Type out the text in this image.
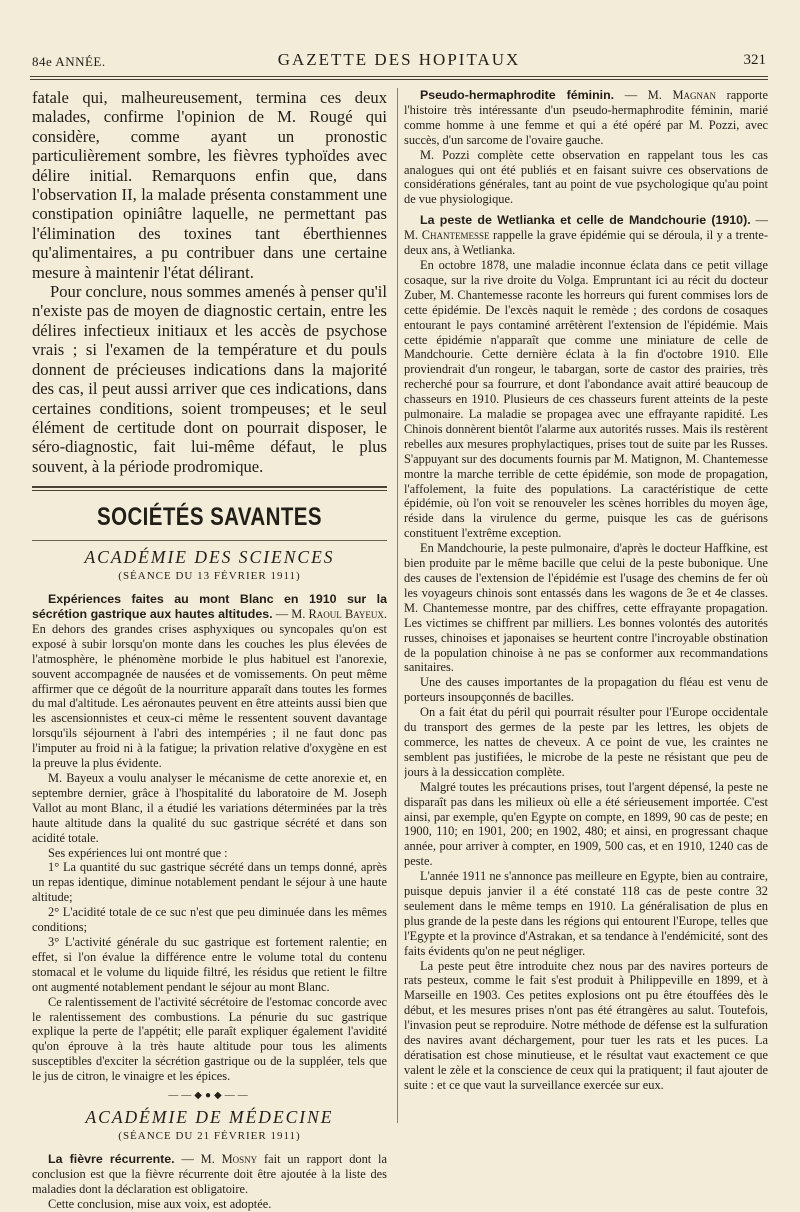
84e ANNÉE.	GAZETTE DES HOPITAUX	321

fatale qui, malheureusement, termina ces deux malades, confirme l'opinion de M. Rougé qui considère, comme ayant un pronostic particulièrement sombre, les fièvres typhoïdes avec délire initial. Remarquons enfin que, dans l'observation II, la malade présenta constamment une constipation opiniâtre laquelle, ne permettant pas l'élimination des toxines tant éberthiennes qu'alimentaires, a pu contribuer dans une certaine mesure à maintenir l'état délirant.

Pour conclure, nous sommes amenés à penser qu'il n'existe pas de moyen de diagnostic certain, entre les délires infectieux initiaux et les accès de psychose vrais ; si l'examen de la température et du pouls donnent de précieuses indications dans la majorité des cas, il peut aussi arriver que ces indications, dans certaines conditions, soient trompeuses; et le seul élément de certitude dont on pourrait disposer, le séro-diagnostic, fait lui-même défaut, le plus souvent, à la période prodromique.

SOCIÉTÉS SAVANTES
ACADÉMIE DES SCIENCES
(SÉANCE DU 13 FÉVRIER 1911)

Expériences faites au mont Blanc en 1910 sur la sécrétion gastrique aux hautes altitudes. — M. Raoul Bayeux. En dehors des grandes crises asphyxiques ou syncopales qu'on est exposé à subir lorsqu'on monte dans les couches les plus élevées de l'atmosphère, le phénomène morbide le plus habituel est l'anorexie, souvent accompagnée de nausées et de vomissements. On peut même affirmer que ce dégoût de la nourriture apparaît dans toutes les formes du mal d'altitude. Les aéronautes peuvent en être atteints aussi bien que les ascensionnistes et ceux-ci même le ressentent souvent davantage lorsqu'ils séjournent à l'abri des intempéries ; il ne faut donc pas l'imputer au froid ni à la fatigue; la privation relative d'oxygène en est la preuve la plus évidente.

M. Bayeux a voulu analyser le mécanisme de cette anorexie et, en septembre dernier, grâce à l'hospitalité du laboratoire de M. Joseph Vallot au mont Blanc, il a étudié les variations déterminées par la très haute altitude dans la qualité du suc gastrique sécrété et dans son acidité totale.

Ses expériences lui ont montré que :

1° La quantité du suc gastrique sécrété dans un temps donné, après un repas identique, diminue notablement pendant le séjour à une haute altitude;

2° L'acidité totale de ce suc n'est que peu diminuée dans les mêmes conditions;

3° L'activité générale du suc gastrique est fortement ralentie; en effet, si l'on évalue la différence entre le volume total du contenu stomacal et le volume du liquide filtré, les résidus que retient le filtre ont augmenté notablement pendant le séjour au mont Blanc.

Ce ralentissement de l'activité sécrétoire de l'estomac concorde avec le ralentissement des combustions. La pénurie du suc gastrique explique la perte de l'appétit; elle paraît expliquer également l'avidité qu'on éprouve à la très haute altitude pour tous les aliments susceptibles d'exciter la sécrétion gastrique ou de la suppléer, tels que le jus de citron, le vinaigre et les épices.

——◆●◆——
ACADÉMIE DE MÉDECINE
(SÉANCE DU 21 FÉVRIER 1911)

La fièvre récurrente. — M. Mosny fait un rapport dont la conclusion est que la fièvre récurrente doit être ajoutée à la liste des maladies dont la déclaration est obligatoire.

Cette conclusion, mise aux voix, est adoptée.

Pseudo-hermaphrodite féminin. — M. Magnan rapporte l'histoire très intéressante d'un pseudo-hermaphrodite féminin, marié comme homme à une femme et qui a été opéré par M. Pozzi, avec succès, d'un sarcome de l'ovaire gauche.

M. Pozzi complète cette observation en rappelant tous les cas analogues qui ont été publiés et en faisant suivre ces observations de considérations générales, tant au point de vue psychologique qu'au point de vue physiologique.

La peste de Wetlianka et celle de Mandchourie (1910). — M. Chantemesse rappelle la grave épidémie qui se déroula, il y a trente-deux ans, à Wetlianka.

En octobre 1878, une maladie inconnue éclata dans ce petit village cosaque, sur la rive droite du Volga. Empruntant ici au récit du docteur Zuber, M. Chantemesse raconte les horreurs qui furent commises lors de cette épidémie. De l'excès naquit le remède ; des cordons de cosaques entourant le pays contaminé arrêtèrent l'extension de l'épidémie. Mais cette épidémie n'apparaît que comme une miniature de celle de Mandchourie. Cette dernière éclata à la fin d'octobre 1910. Elle proviendrait d'un rongeur, le tabargan, sorte de castor des prairies, très recherché pour sa fourrure, et dont l'abondance avait attiré beaucoup de chasseurs en 1910. Plusieurs de ces chasseurs furent atteints de la peste pulmonaire. La maladie se propagea avec une effrayante rapidité. Les Chinois donnèrent bientôt l'alarme aux autorités russes. Mais ils restèrent rebelles aux mesures prophylactiques, prises tout de suite par les Russes. S'appuyant sur des documents fournis par M. Matignon, M. Chantemesse montre la marche terrible de cette épidémie, son mode de propagation, l'affolement, la fuite des populations. La caractéristique de cette épidémie, où l'on voit se renouveler les scènes horribles du moyen âge, réside dans la virulence du germe, puisque les cas de guérisons constituent l'extrême exception.

En Mandchourie, la peste pulmonaire, d'après le docteur Haffkine, est bien produite par le même bacille que celui de la peste bubonique. Une des causes de l'extension de l'épidémie est l'usage des chemins de fer où les voyageurs chinois sont entassés dans les wagons de 3e et 4e classes. M. Chantemesse montre, par des chiffres, cette effrayante propagation. Les victimes se chiffrent par milliers. Les bonnes volontés des autorités russes, chinoises et japonaises se heurtent contre l'incroyable obstination de la population chinoise à ne pas se conformer aux recommandations sanitaires.

Une des causes importantes de la propagation du fléau est venu de porteurs insoupçonnés de bacilles.

On a fait état du péril qui pourrait résulter pour l'Europe occidentale du transport des germes de la peste par les lettres, les objets de commerce, les nattes de cheveux. A ce point de vue, les craintes ne semblent pas justifiées, le microbe de la peste ne résistant que peu de jours à la dessiccation complète.

Malgré toutes les précautions prises, tout l'argent dépensé, la peste ne disparaît pas dans les milieux où elle a été sérieusement importée. C'est ainsi, par exemple, qu'en Egypte on compte, en 1899, 90 cas de peste; en 1900, 110; en 1901, 200; en 1902, 480; et ainsi, en progressant chaque année, pour arriver à compter, en 1909, 500 cas, et en 1910, 1240 cas de peste.

L'année 1911 ne s'annonce pas meilleure en Egypte, bien au contraire, puisque depuis janvier il a été constaté 118 cas de peste contre 32 seulement dans le même temps en 1910. La généralisation de plus en plus grande de la peste dans les régions qui entourent l'Europe, telles que l'Egypte et la province d'Astrakan, et sa tendance à l'endémicité, sont des faits évidents qu'on ne peut négliger.

La peste peut être introduite chez nous par des navires porteurs de rats pesteux, comme le fait s'est produit à Philippeville en 1899, et à Marseille en 1903. Ces petites explosions ont pu être étouffées dès le début, et les mesures prises n'ont pas été étrangères au salut. Toutefois, l'invasion peut se reproduire. Notre méthode de défense est la sulfuration des navires avant déchargement, pour tuer les rats et les puces. La dératisation est chose minutieuse, et le résultat vaut exactement ce que valent le zèle et la conscience de ceux qui la pratiquent; il faut ajouter de suite : et ce que vaut la surveillance exercée sur eux.
